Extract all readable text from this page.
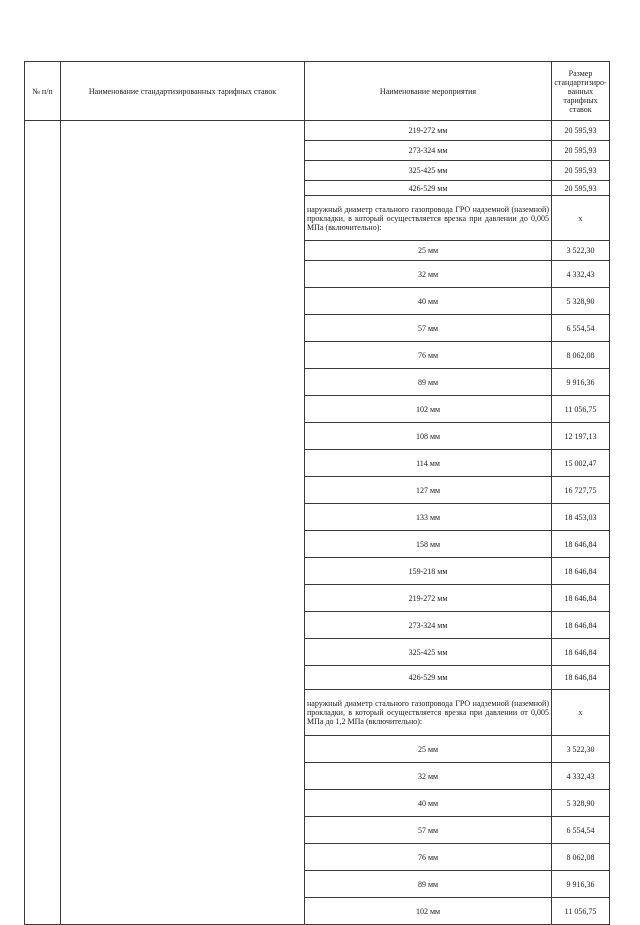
№ п/п	Наименование стандартизированных тарифных ставок	Наименование мероприятия	Размер стандартизиро-ванных тарифных ставок
		219-272 мм	20 595,93
		273-324 мм	20 595,93
		325-425 мм	20 595,93
		426-529 мм	20 595,93
		наружный диаметр стального газопровода ГРО надземной (наземной) прокладки, в который осуществляется врезка при давлении до 0,005 МПа (включительно):	x
		25 мм	3 522,30
		32 мм	4 332,43
		40 мм	5 328,90
		57 мм	6 554,54
		76 мм	8 062,08
		89 мм	9 916,36
		102 мм	11 056,75
		108 мм	12 197,13
		114 мм	15 002,47
		127 мм	16 727,75
		133 мм	18 453,03
		158 мм	18 646,84
		159-218 мм	18 646,84
		219-272 мм	18 646,84
		273-324 мм	18 646,84
		325-425 мм	18 646,84
		426-529 мм	18 646,84
		наружный диаметр стального газопровода ГРО надземной (наземной) прокладки, в который осуществляется врезка при давлении от 0,005 МПа до 1,2 МПа (включительно):	x
		25 мм	3 522,30
		32 мм	4 332,43
		40 мм	5 328,90
		57 мм	6 554,54
		76 мм	8 062,08
		89 мм	9 916,36
		102 мм	11 056,75
